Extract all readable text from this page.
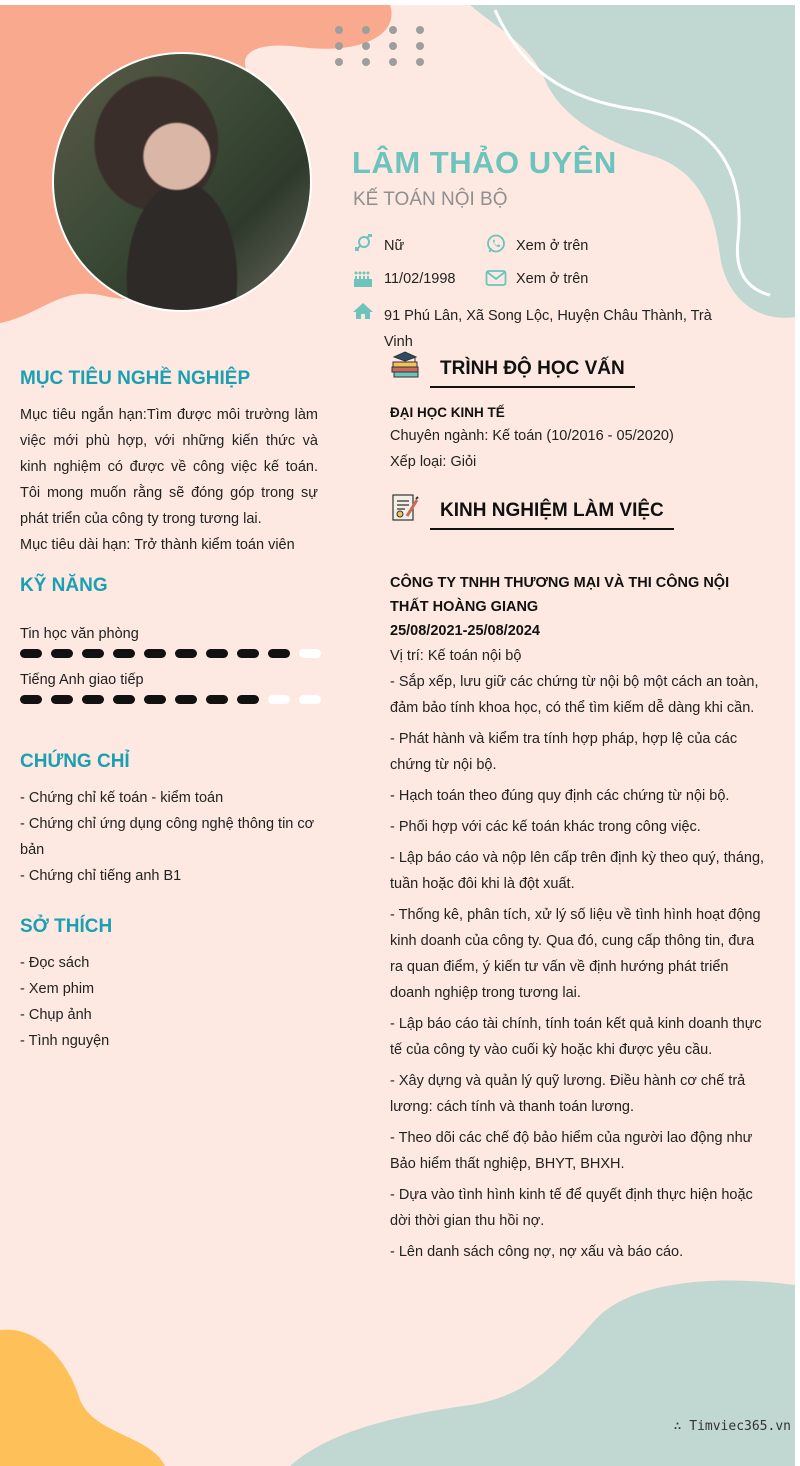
LÂM THẢO UYÊN
KẾ TOÁN NỘI BỘ
Nữ	Xem ở trên
11/02/1998	Xem ở trên
91 Phú Lân, Xã Song Lộc, Huyện Châu Thành, Trà Vinh
MỤC TIÊU NGHỀ NGHIỆP
Mục tiêu ngắn hạn:Tìm được môi trường làm việc mới phù hợp, với những kiến thức và kinh nghiệm có được về công việc kế toán. Tôi mong muốn rằng sẽ đóng góp trong sự phát triển của công ty trong tương lai.
Mục tiêu dài hạn: Trở thành kiểm toán viên
KỸ NĂNG
Tin học văn phòng
Tiếng Anh giao tiếp
CHỨNG CHỈ
- Chứng chỉ kế toán - kiểm toán
- Chứng chỉ ứng dụng công nghệ thông tin cơ bản
- Chứng chỉ tiếng anh B1
SỞ THÍCH
- Đọc sách
- Xem phim
- Chụp ảnh
- Tình nguyện
TRÌNH ĐỘ HỌC VẤN
ĐẠI HỌC KINH TẾ
Chuyên ngành: Kế toán (10/2016 - 05/2020)
Xếp loại: Giỏi
KINH NGHIỆM LÀM VIỆC
CÔNG TY TNHH THƯƠNG MẠI VÀ THI CÔNG NỘI THẤT HOÀNG GIANG
25/08/2021-25/08/2024
Vị trí: Kế toán nội bộ
- Sắp xếp, lưu giữ các chứng từ nội bộ một cách an toàn, đảm bảo tính khoa học, có thể tìm kiếm dễ dàng khi cần.
- Phát hành và kiểm tra tính hợp pháp, hợp lệ của các chứng từ nội bộ.
- Hạch toán theo đúng quy định các chứng từ nội bộ.
- Phối hợp với các kế toán khác trong công việc.
- Lập báo cáo và nộp lên cấp trên định kỳ theo quý, tháng, tuần hoặc đôi khi là đột xuất.
- Thống kê, phân tích, xử lý số liệu về tình hình hoạt động kinh doanh của công ty. Qua đó, cung cấp thông tin, đưa ra quan điểm, ý kiến tư vấn về định hướng phát triển doanh nghiệp trong tương lai.
- Lập báo cáo tài chính, tính toán kết quả kinh doanh thực tế của công ty vào cuối kỳ hoặc khi được yêu cầu.
- Xây dựng và quản lý quỹ lương. Điều hành cơ chế trả lương: cách tính và thanh toán lương.
- Theo dõi các chế độ bảo hiểm của người lao động như Bảo hiểm thất nghiệp, BHYT, BHXH.
- Dựa vào tình hình kinh tế để quyết định thực hiện hoặc dời thời gian thu hồi nợ.
- Lên danh sách công nợ, nợ xấu và báo cáo.
∴ Timviec365.vn
